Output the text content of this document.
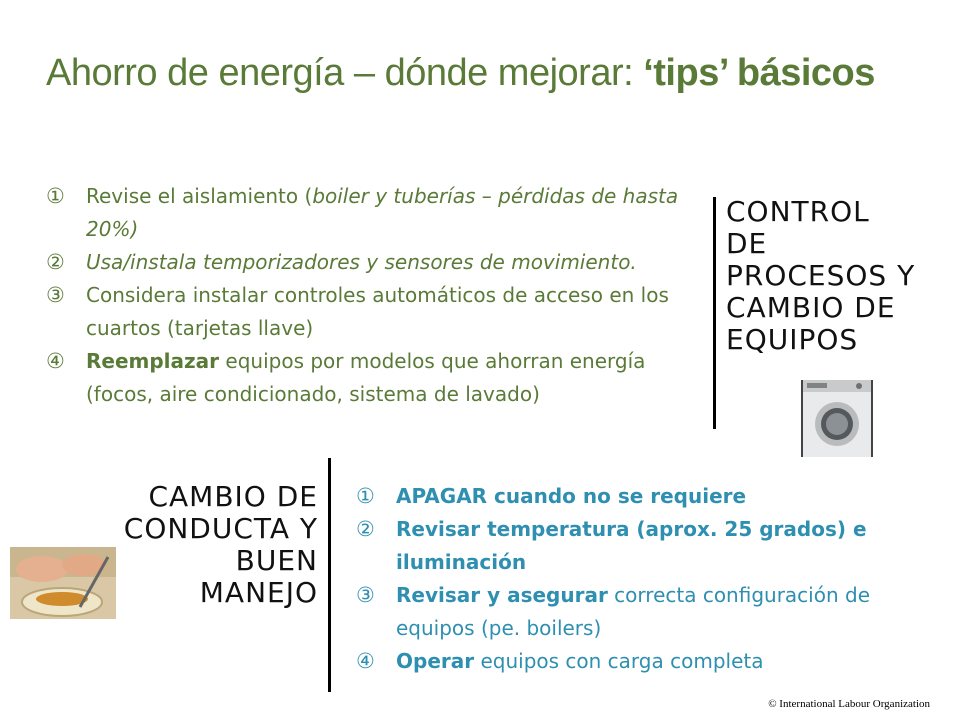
Ahorro de energía – dónde mejorar: ‘tips’ básicos
① Revise el aislamiento (boiler y tuberías – pérdidas de hasta 20%)
② Usa/instala temporizadores y sensores de movimiento.
③ Considera instalar controles automáticos de acceso en los cuartos (tarjetas llave)
④ Reemplazar equipos por modelos que ahorran energía (focos, aire condicionado, sistema de lavado)
CONTROL
DE
PROCESOS Y
CAMBIO DE
EQUIPOS
CAMBIO DE
CONDUCTA Y
BUEN
MANEJO
① APAGAR cuando no se requiere
② Revisar temperatura (aprox. 25 grados) e iluminación
③ Revisar y asegurar correcta configuración de equipos (pe. boilers)
④ Operar equipos con carga completa
© International Labour Organization
